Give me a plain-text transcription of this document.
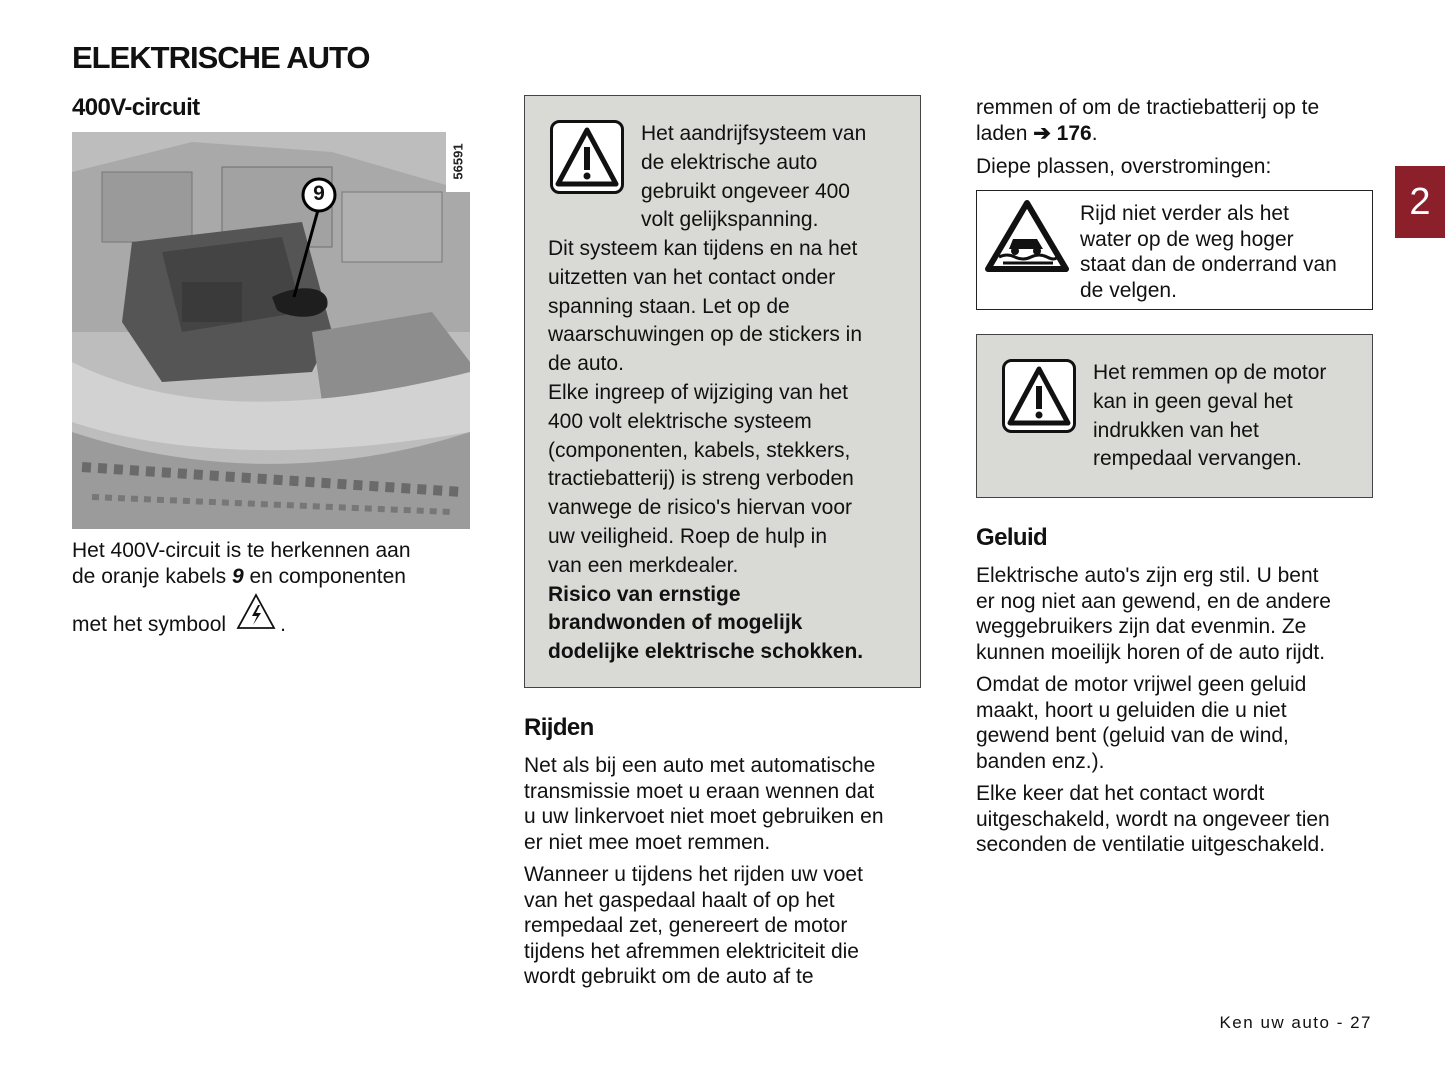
ELEKTRISCHE AUTO
2
400V-circuit
9
56591
Het 400V-circuit is te herkennen aan
de oranje kabels 9 en componenten
met het symbool	.
Het aandrijfsysteem van
de elektrische auto
gebruikt ongeveer 400
volt gelijkspanning.
Dit systeem kan tijdens en na het
uitzetten van het contact onder
spanning staan. Let op de
waarschuwingen op de stickers in
de auto.
Elke ingreep of wijziging van het
400 volt elektrische systeem
(componenten, kabels, stekkers,
tractiebatterij) is streng verboden
vanwege de risico's hiervan voor
uw veiligheid. Roep de hulp in
van een merkdealer.
Risico van ernstige
brandwonden of mogelijk
dodelijke elektrische schokken.
Rijden

Net als bij een auto met automatische
transmissie moet u eraan wennen dat
u uw linkervoet niet moet gebruiken en
er niet mee moet remmen.

Wanneer u tijdens het rijden uw voet
van het gaspedaal haalt of op het
rempedaal zet, genereert de motor
tijdens het afremmen elektriciteit die
wordt gebruikt om de auto af te

remmen of om de tractiebatterij op te
laden ➔ 176.
Diepe plassen, overstromingen:
Rijd niet verder als het
water op de weg hoger
staat dan de onderrand van
de velgen.
Het remmen op de motor
kan in geen geval het
indrukken van het
rempedaal vervangen.
Geluid

Elektrische auto's zijn erg stil. U bent
er nog niet aan gewend, en de andere
weggebruikers zijn dat evenmin. Ze
kunnen moeilijk horen of de auto rijdt.

Omdat de motor vrijwel geen geluid
maakt, hoort u geluiden die u niet
gewend bent (geluid van de wind,
banden enz.).

Elke keer dat het contact wordt
uitgeschakeld, wordt na ongeveer tien
seconden de ventilatie uitgeschakeld.

Ken uw auto - 27
